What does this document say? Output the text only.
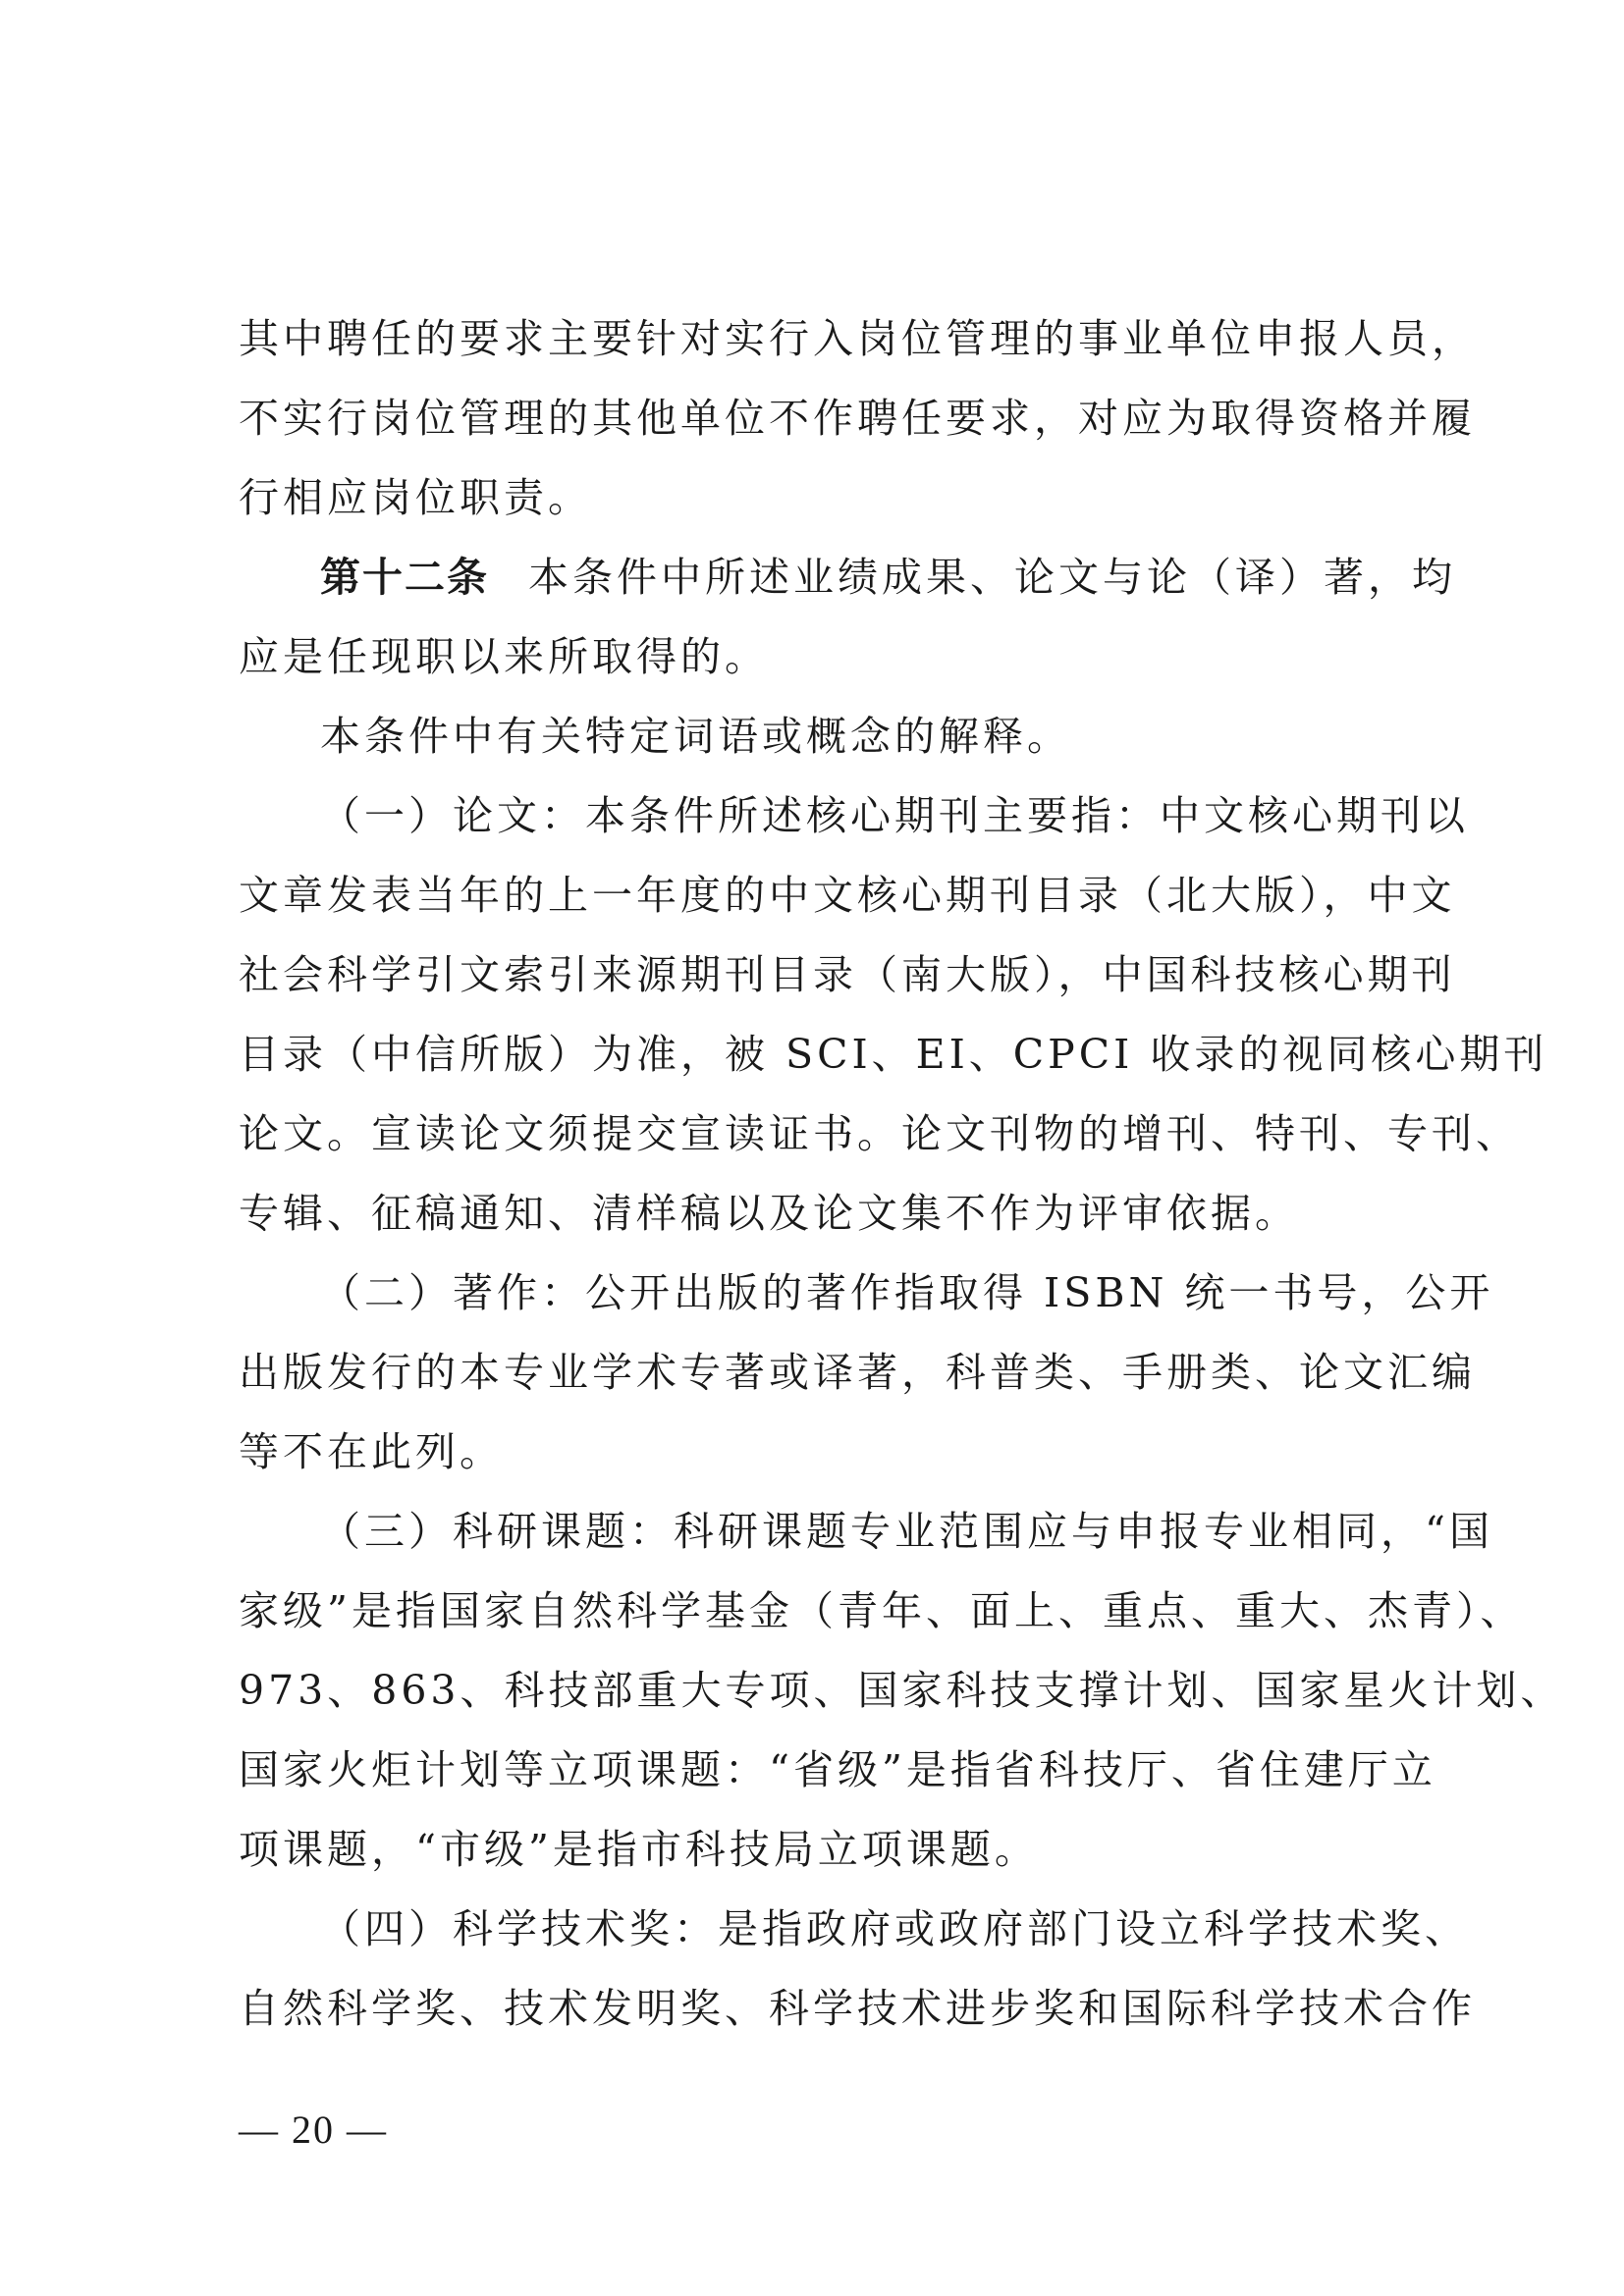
其中聘任的要求主要针对实行入岗位管理的事业单位申报人员，
不实行岗位管理的其他单位不作聘任要求，对应为取得资格并履
行相应岗位职责。
第十二条 本条件中所述业绩成果、论文与论（译）著，均
应是任现职以来所取得的。
本条件中有关特定词语或概念的解释。
（一）论文：本条件所述核心期刊主要指：中文核心期刊以
文章发表当年的上一年度的中文核心期刊目录（北大版），中文
社会科学引文索引来源期刊目录（南大版），中国科技核心期刊
目录（中信所版）为准，被 SCI、EI、CPCI 收录的视同核心期刊
论文。宣读论文须提交宣读证书。论文刊物的增刊、特刊、专刊、
专辑、征稿通知、清样稿以及论文集不作为评审依据。
（二）著作：公开出版的著作指取得 ISBN 统一书号，公开
出版发行的本专业学术专著或译著，科普类、手册类、论文汇编
等不在此列。
（三）科研课题：科研课题专业范围应与申报专业相同，“国
家级”是指国家自然科学基金（青年、面上、重点、重大、杰青）、
973、863、科技部重大专项、国家科技支撑计划、国家星火计划、
国家火炬计划等立项课题：“省级”是指省科技厅、省住建厅立
项课题，“市级”是指市科技局立项课题。
（四）科学技术奖：是指政府或政府部门设立科学技术奖、
自然科学奖、技术发明奖、科学技术进步奖和国际科学技术合作
— 20 —
